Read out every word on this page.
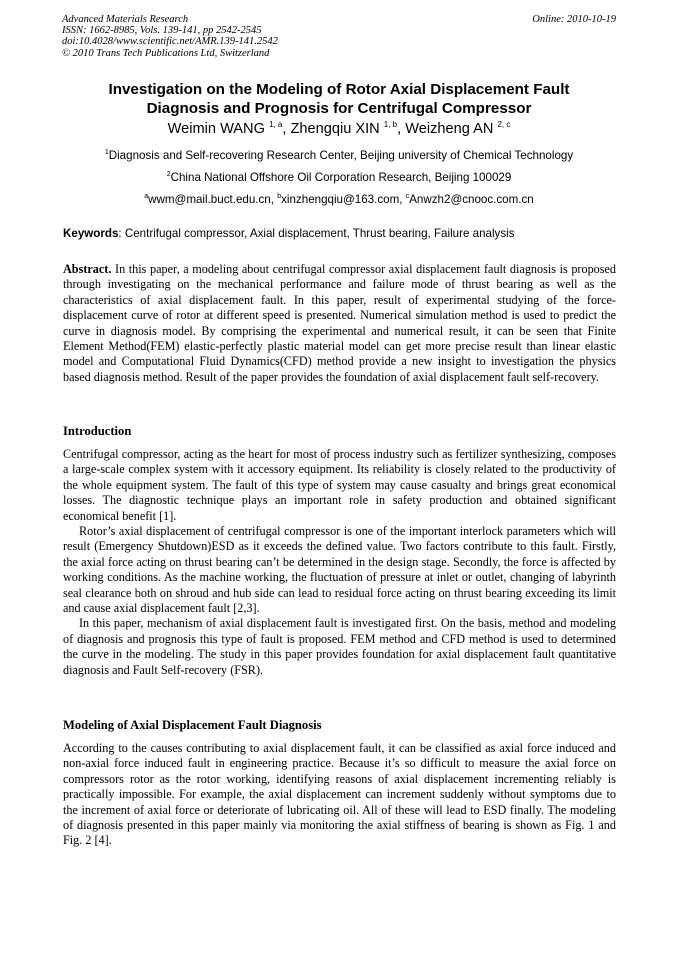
Advanced Materials Research
ISSN: 1662-8985, Vols. 139-141, pp 2542-2545
doi:10.4028/www.scientific.net/AMR.139-141.2542
© 2010 Trans Tech Publications Ltd, Switzerland
Online: 2010-10-19
Investigation on the Modeling of Rotor Axial Displacement Fault
Diagnosis and Prognosis for Centrifugal Compressor
Weimin WANG $^{1, a}$, Zhengqiu XIN $^{1, b}$, Weizheng AN $^{2, c}$
$^1$Diagnosis and Self-recovering Research Center, Beijing university of Chemical Technology
$^2$China National Offshore Oil Corporation Research, Beijing 100029
$^a$wwm@mail.buct.edu.cn, $^b$xinzhengqiu@163.com, $^c$Anwzh2@cnooc.com.cn
Keywords: Centrifugal compressor, Axial displacement, Thrust bearing, Failure analysis

Abstract. In this paper, a modeling about centrifugal compressor axial displacement fault diagnosis is proposed through investigating on the mechanical performance and failure mode of thrust bearing as well as the characteristics of axial displacement fault. In this paper, result of experimental studying of the force-displacement curve of rotor at different speed is presented. Numerical simulation method is used to predict the curve in diagnosis model. By comprising the experimental and numerical result, it can be seen that Finite Element Method(FEM) elastic-perfectly plastic material model can get more precise result than linear elastic model and Computational Fluid Dynamics(CFD) method provide a new insight to investigation the physics based diagnosis method. Result of the paper provides the foundation of axial displacement fault self-recovery.

Introduction

Centrifugal compressor, acting as the heart for most of process industry such as fertilizer synthesizing, composes a large-scale complex system with it accessory equipment. Its reliability is closely related to the productivity of the whole equipment system. The fault of this type of system may cause casualty and brings great economical losses. The diagnostic technique plays an important role in safety production and obtained significant economical benefit [1].

Rotor’s axial displacement of centrifugal compressor is one of the important interlock parameters which will result (Emergency Shutdown)ESD as it exceeds the defined value. Two factors contribute to this fault. Firstly, the axial force acting on thrust bearing can’t be determined in the design stage. Secondly, the force is affected by working conditions. As the machine working, the fluctuation of pressure at inlet or outlet, changing of labyrinth seal clearance both on shroud and hub side can lead to residual force acting on thrust bearing exceeding its limit and cause axial displacement fault [2,3].

In this paper, mechanism of axial displacement fault is investigated first. On the basis, method and modeling of diagnosis and prognosis this type of fault is proposed. FEM method and CFD method is used to determined the curve in the modeling. The study in this paper provides foundation for axial displacement fault quantitative diagnosis and Fault Self-recovery (FSR).

Modeling of Axial Displacement Fault Diagnosis

According to the causes contributing to axial displacement fault, it can be classified as axial force induced and non-axial force induced fault in engineering practice. Because it’s so difficult to measure the axial force on compressors rotor as the rotor working, identifying reasons of axial displacement incrementing reliably is practically impossible. For example, the axial displacement can increment suddenly without symptoms due to the increment of axial force or deteriorate of lubricating oil. All of these will lead to ESD finally. The modeling of diagnosis presented in this paper mainly via monitoring the axial stiffness of bearing is shown as Fig. 1 and Fig. 2 [4].
